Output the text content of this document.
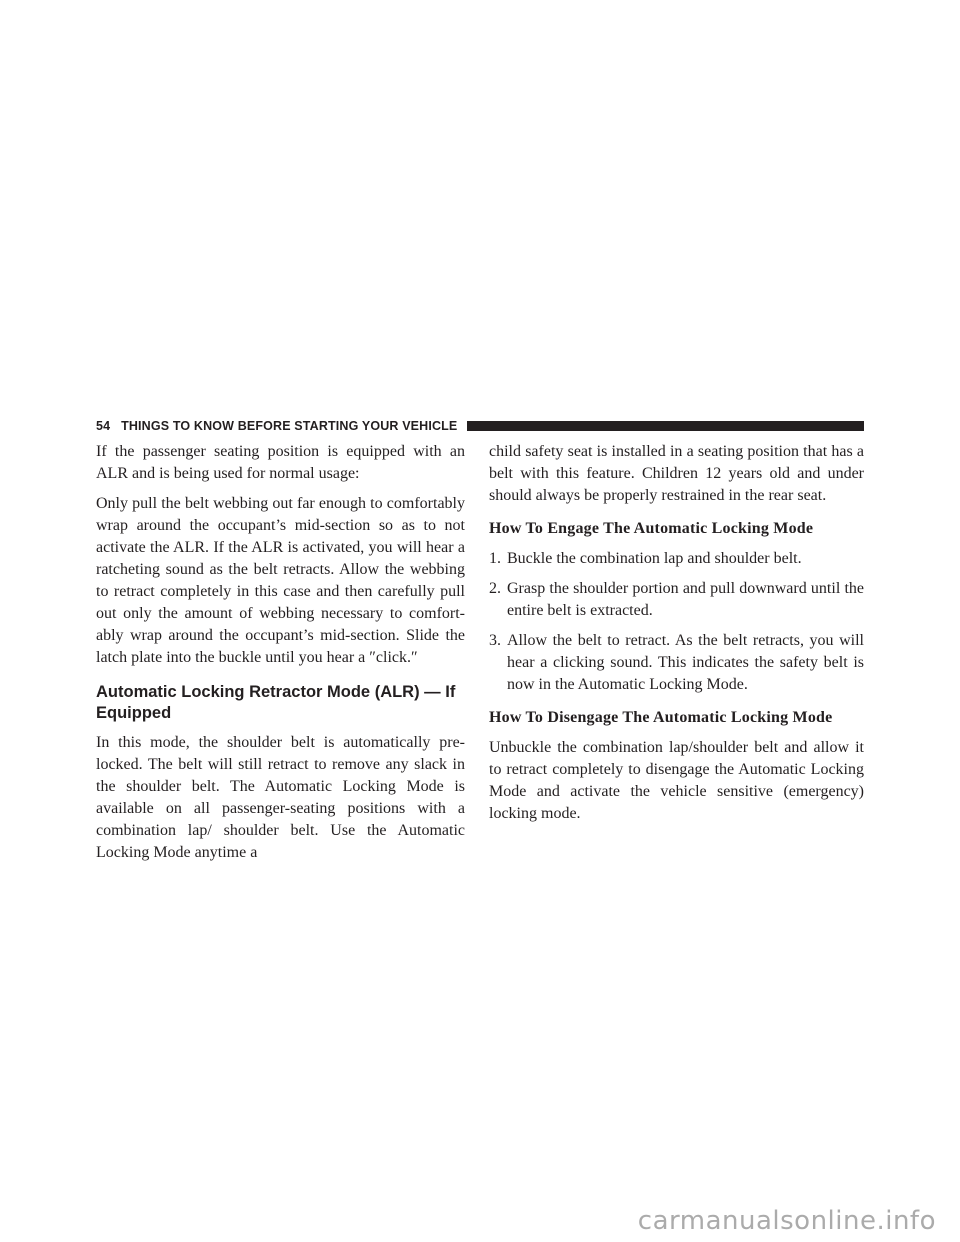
54 THINGS TO KNOW BEFORE STARTING YOUR VEHICLE

If the passenger seating position is equipped with an ALR and is being used for normal usage:

Only pull the belt webbing out far enough to comfortably wrap around the occupant’s mid-section so as to not activate the ALR. If the ALR is activated, you will hear a ratcheting sound as the belt retracts. Allow the webbing to retract completely in this case and then carefully pull out only the amount of webbing necessary to comfortably wrap around the occupant’s mid-section. Slide the latch plate into the buckle until you hear a ″click.″

Automatic Locking Retractor Mode (ALR) — If Equipped

In this mode, the shoulder belt is automatically pre-locked. The belt will still retract to remove any slack in the shoulder belt. The Automatic Locking Mode is available on all passenger-seating positions with a combination lap/ shoulder belt. Use the Automatic Locking Mode anytime a

child safety seat is installed in a seating position that has a belt with this feature. Children 12 years old and under should always be properly restrained in the rear seat.

How To Engage The Automatic Locking Mode
1. Buckle the combination lap and shoulder belt.
2. Grasp the shoulder portion and pull downward until the entire belt is extracted.
3. Allow the belt to retract. As the belt retracts, you will hear a clicking sound. This indicates the safety belt is now in the Automatic Locking Mode.
How To Disengage The Automatic Locking Mode

Unbuckle the combination lap/shoulder belt and allow it to retract completely to disengage the Automatic Locking Mode and activate the vehicle sensitive (emergency) locking mode.

carmanualsonline.info
